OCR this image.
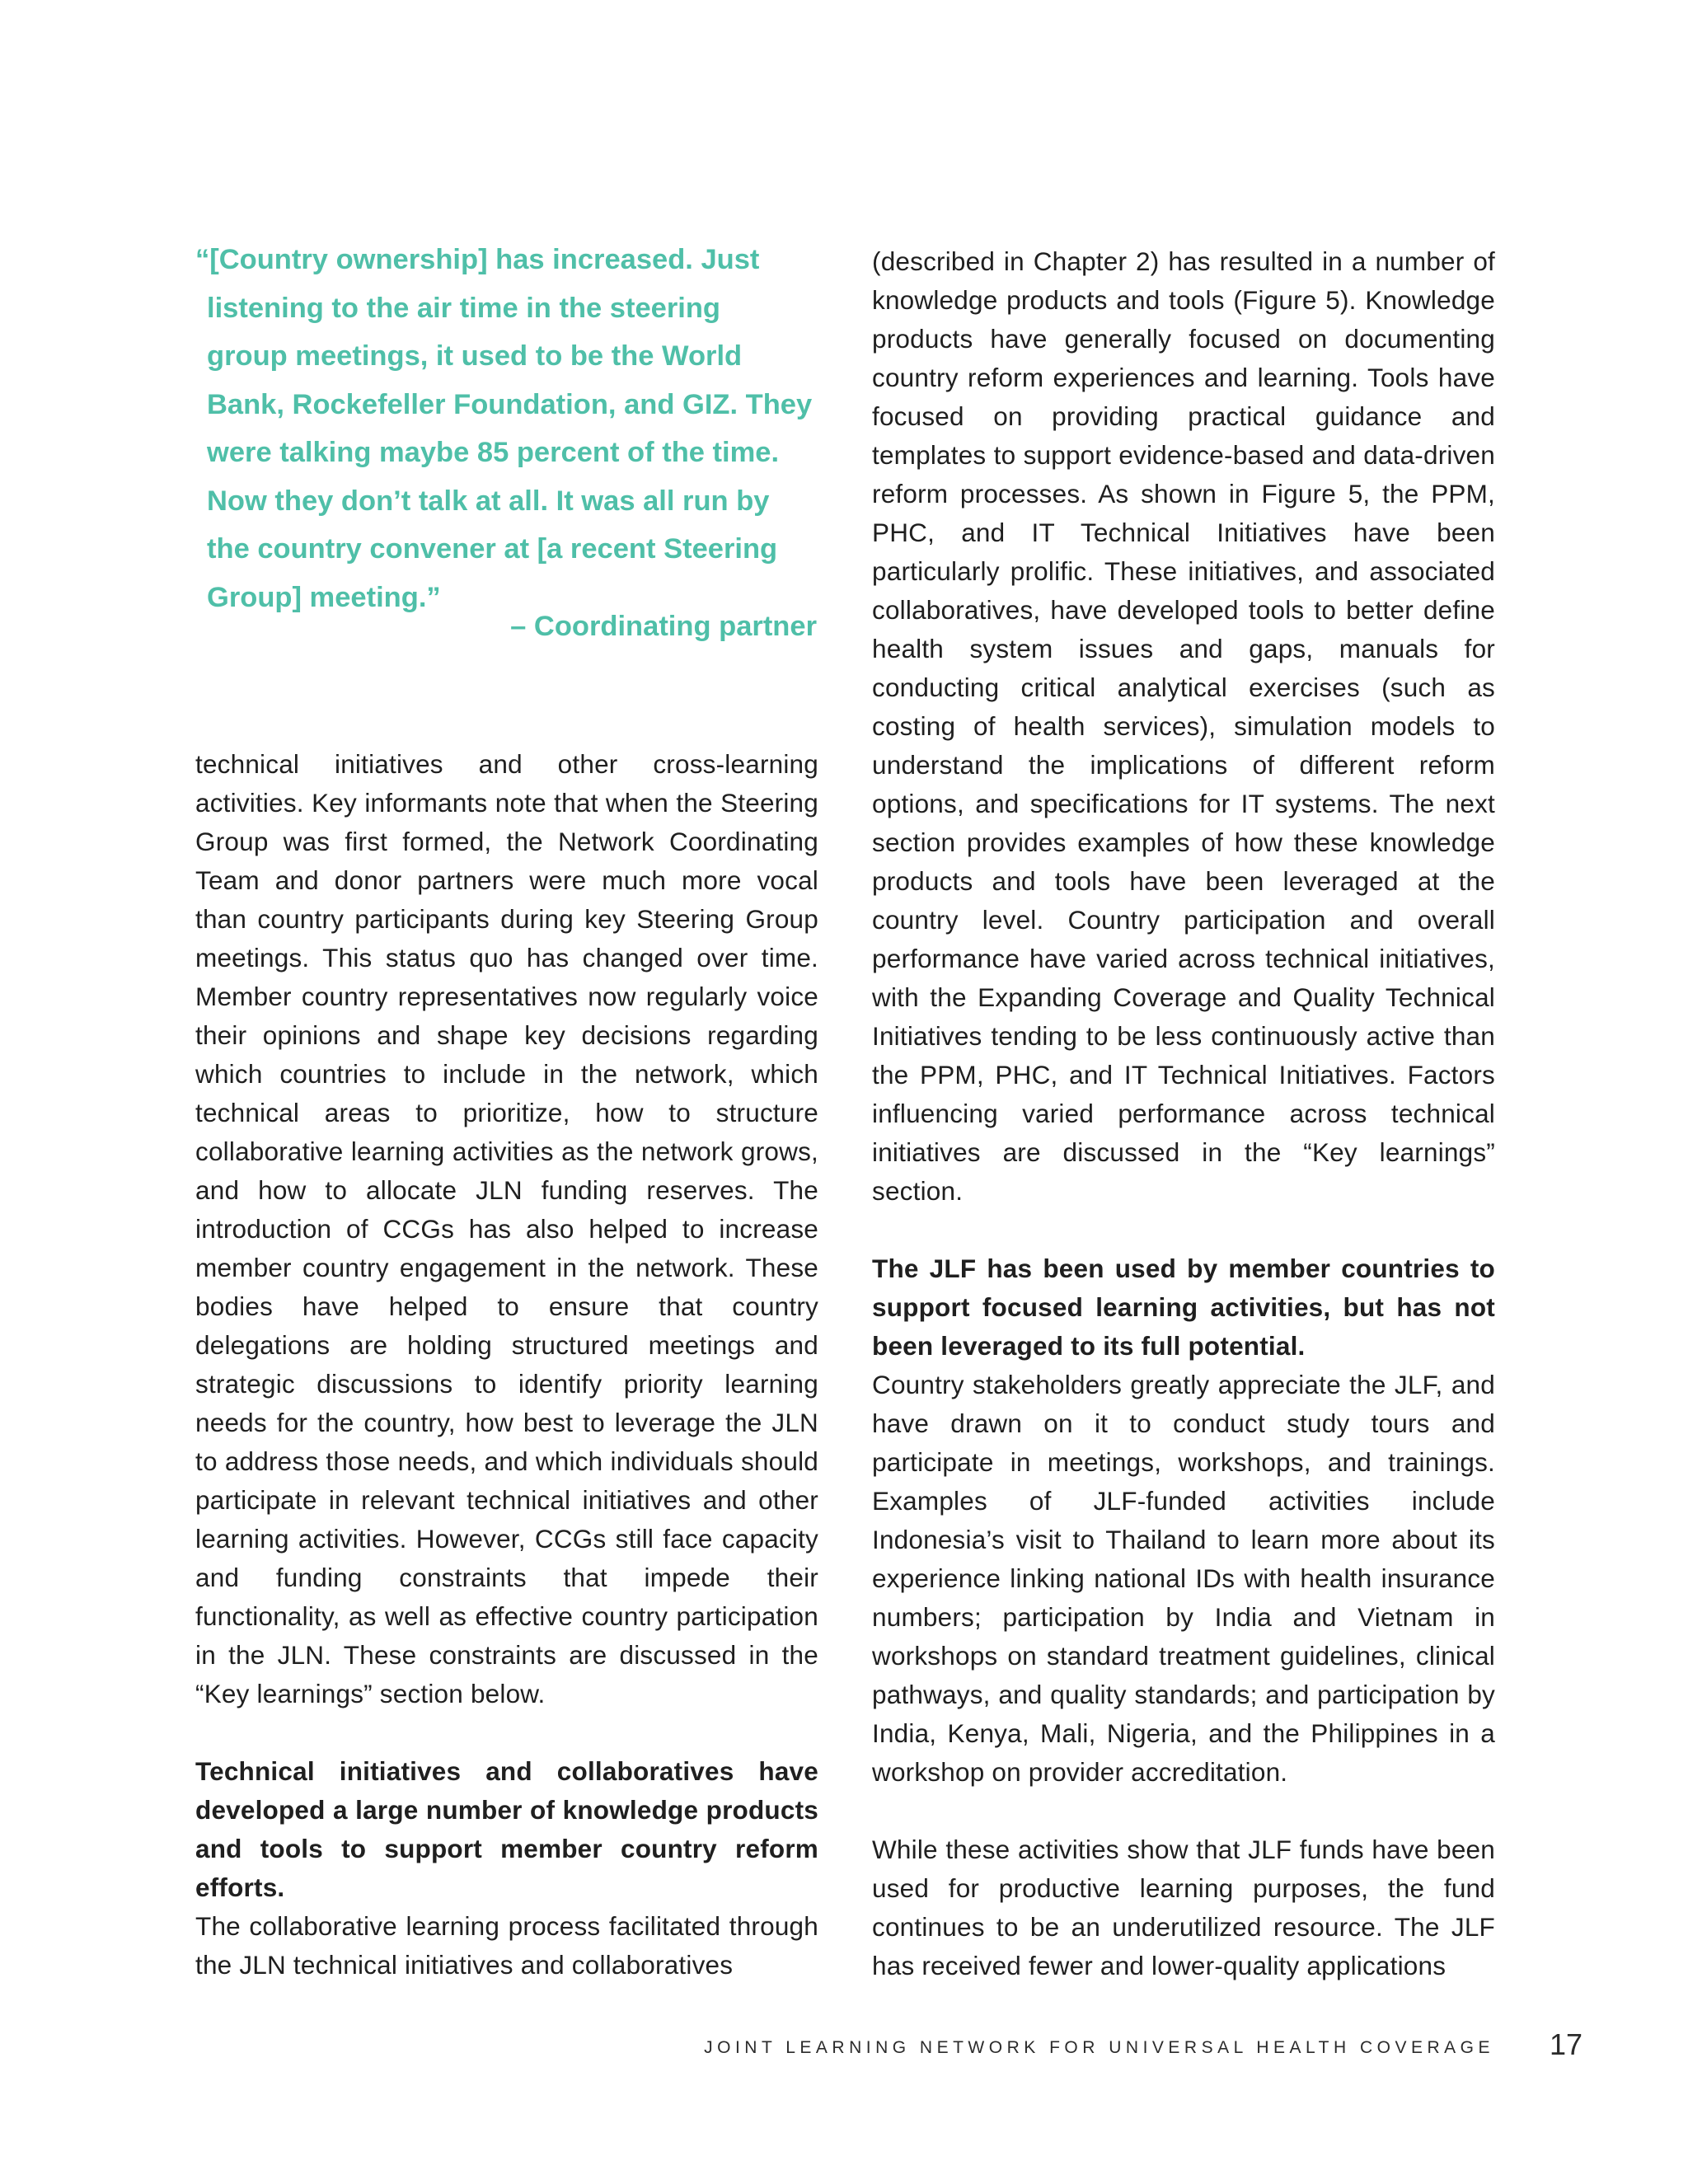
“[Country ownership] has increased. Just
listening to the air time in the steering
group meetings, it used to be the World
Bank, Rockefeller Foundation, and GIZ. They
were talking maybe 85 percent of the time.
Now they don’t talk at all. It was all run by
the country convener at [a recent Steering
Group] meeting.”
– Coordinating partner

technical initiatives and other cross-learning activities. Key informants note that when the Steering Group was first formed, the Network Coordinating Team and donor partners were much more vocal than country participants during key Steering Group meetings. This status quo has changed over time. Member country representatives now regularly voice their opinions and shape key decisions regarding which countries to include in the network, which technical areas to prioritize, how to structure collaborative learning activities as the network grows, and how to allocate JLN funding reserves. The introduction of CCGs has also helped to increase member country engagement in the network. These bodies have helped to ensure that country delegations are holding structured meetings and strategic discussions to identify priority learning needs for the country, how best to leverage the JLN to address those needs, and which individuals should participate in relevant technical initiatives and other learning activities. However, CCGs still face capacity and funding constraints that impede their functionality, as well as effective country participation in the JLN. These constraints are discussed in the “Key learnings” section below.

Technical initiatives and collaboratives have developed a large number of knowledge products and tools to support member country reform efforts.

The collaborative learning process facilitated through the JLN technical initiatives and collaboratives

(described in Chapter 2) has resulted in a number of knowledge products and tools (Figure 5). Knowledge products have generally focused on documenting country reform experiences and learning. Tools have focused on providing practical guidance and templates to support evidence-based and data-driven reform processes. As shown in Figure 5, the PPM, PHC, and IT Technical Initiatives have been particularly prolific. These initiatives, and associated collaboratives, have developed tools to better define health system issues and gaps, manuals for conducting critical analytical exercises (such as costing of health services), simulation models to understand the implications of different reform options, and specifications for IT systems. The next section provides examples of how these knowledge products and tools have been leveraged at the country level. Country participation and overall performance have varied across technical initiatives, with the Expanding Coverage and Quality Technical Initiatives tending to be less continuously active than the PPM, PHC, and IT Technical Initiatives. Factors influencing varied performance across technical initiatives are discussed in the “Key learnings” section.

The JLF has been used by member countries to support focused learning activities, but has not been leveraged to its full potential.

Country stakeholders greatly appreciate the JLF, and have drawn on it to conduct study tours and participate in meetings, workshops, and trainings. Examples of JLF-funded activities include Indonesia’s visit to Thailand to learn more about its experience linking national IDs with health insurance numbers; participation by India and Vietnam in workshops on standard treatment guidelines, clinical pathways, and quality standards; and participation by India, Kenya, Mali, Nigeria, and the Philippines in a workshop on provider accreditation.

While these activities show that JLF funds have been used for productive learning purposes, the fund continues to be an underutilized resource. The JLF has received fewer and lower-quality applications

JOINT LEARNING NETWORK FOR UNIVERSAL HEALTH COVERAGE 17
